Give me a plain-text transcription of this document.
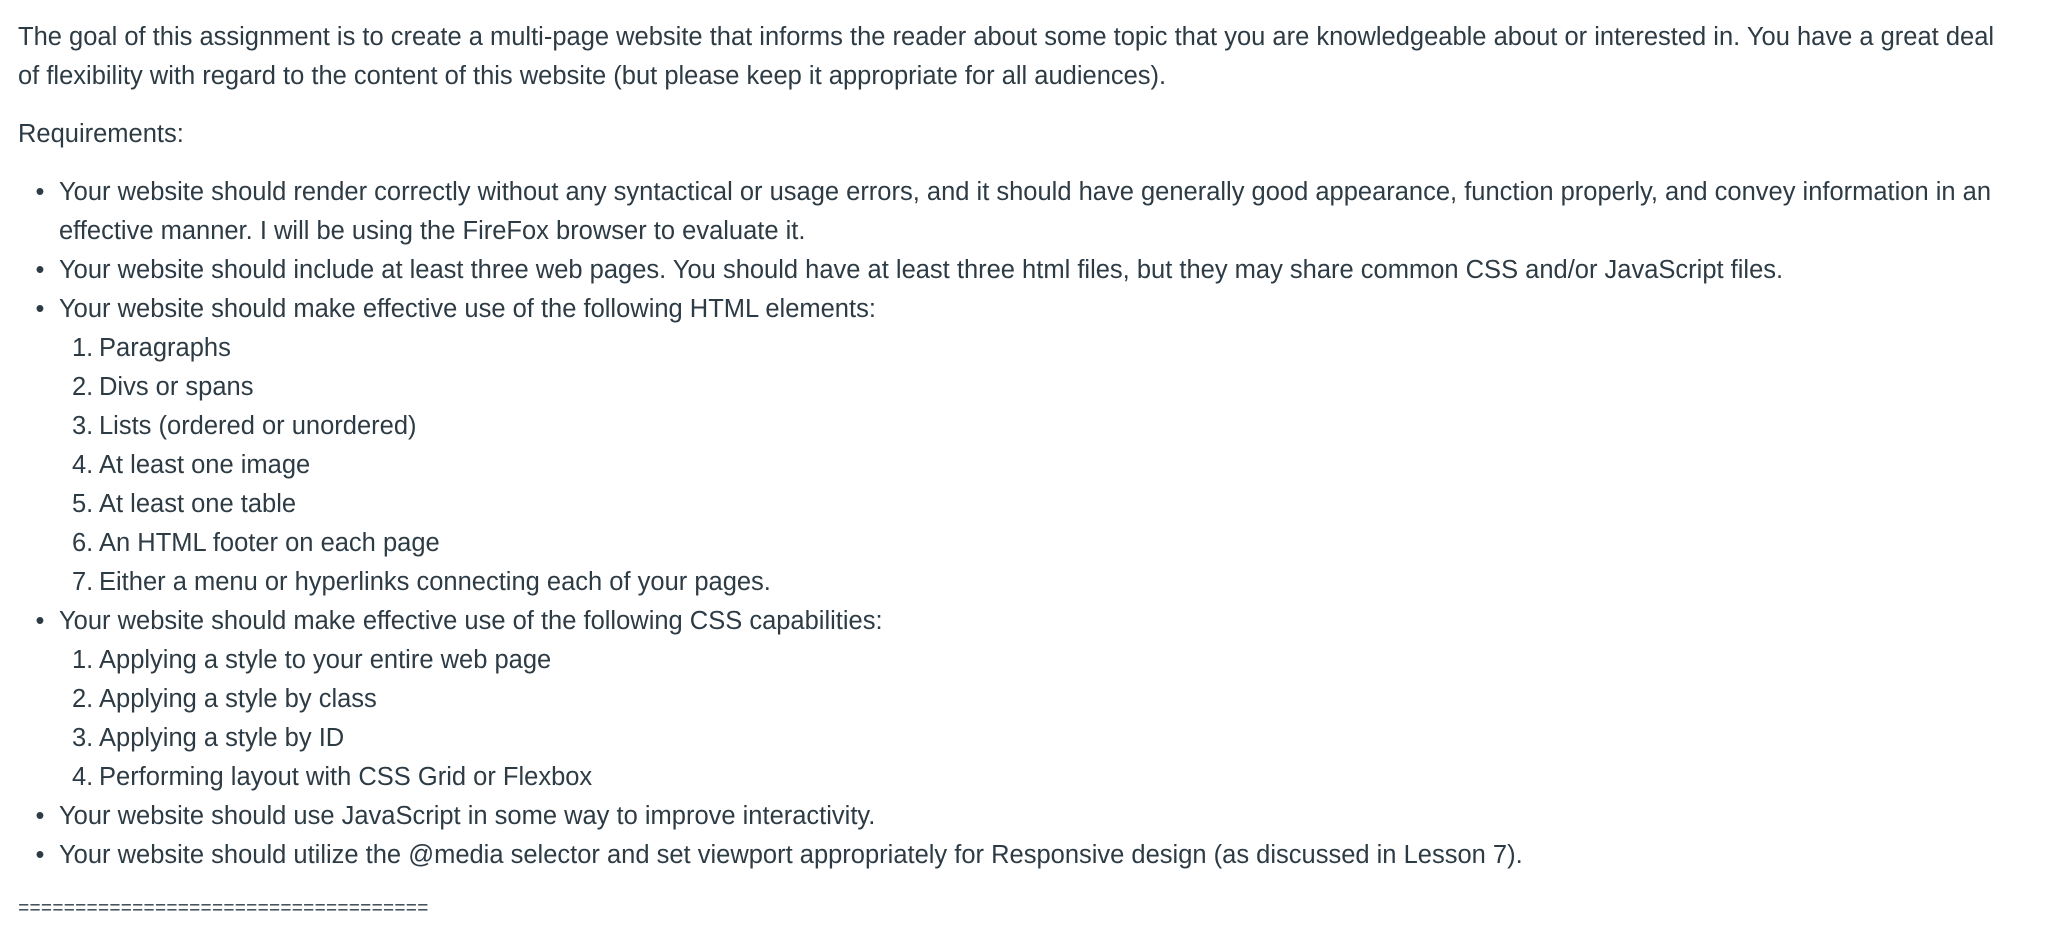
The goal of this assignment is to create a multi-page website that informs the reader about some topic that you are knowledgeable about or interested in. You have a great deal of flexibility with regard to the content of this website (but please keep it appropriate for all audiences).

Requirements:

• Your website should render correctly without any syntactical or usage errors, and it should have generally good appearance, function properly, and convey information in an effective manner. I will be using the FireFox browser to evaluate it.
• Your website should include at least three web pages. You should have at least three html files, but they may share common CSS and/or JavaScript files.
• Your website should make effective use of the following HTML elements:
1. Paragraphs
2. Divs or spans
3. Lists (ordered or unordered)
4. At least one image
5. At least one table
6. An HTML footer on each page
7. Either a menu or hyperlinks connecting each of your pages.
• Your website should make effective use of the following CSS capabilities:
1. Applying a style to your entire web page
2. Applying a style by class
3. Applying a style by ID
4. Performing layout with CSS Grid or Flexbox
• Your website should use JavaScript in some way to improve interactivity.
• Your website should utilize the @media selector and set viewport appropriately for Responsive design (as discussed in Lesson 7).
====================================
